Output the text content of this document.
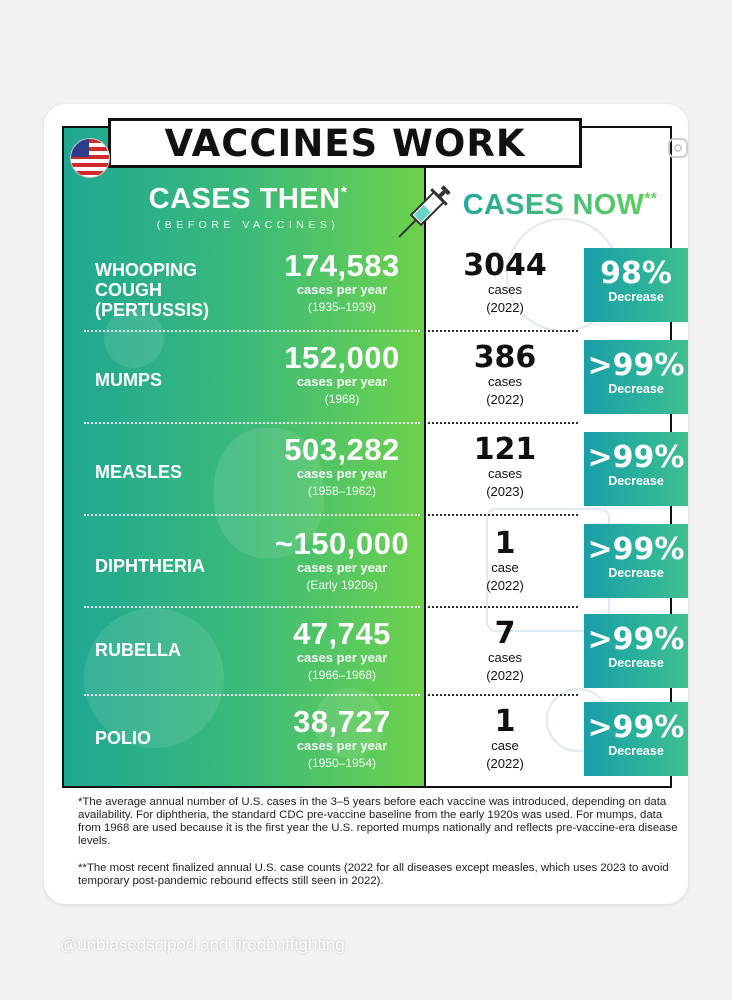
VACCINES WORK
CASES THEN*
(BEFORE VACCINES)
CASES NOW**
WHOOPING
COUGH
(PERTUSSIS)
174,583
cases per year
(1935–1939)
3044
cases
(2022)
98%
Decrease
MUMPS
152,000
cases per year
(1968)
386
cases
(2022)
>99%
Decrease
MEASLES
503,282
cases per year
(1958–1962)
121
cases
(2023)
>99%
Decrease
DIPHTHERIA
~150,000
cases per year
(Early 1920s)
1
case
(2022)
>99%
Decrease
RUBELLA	47,745
cases per year
(1966–1968)
7
cases
(2022)
>99%
Decrease
POLIO	38,727
cases per year
(1950–1954)
1
case
(2022)
>99%
Decrease
*The average annual number of U.S. cases in the 3–5 years before each vaccine was introduced, depending on data availability. For diphtheria, the standard CDC pre-vaccine baseline from the early 1920s was used. For mumps, data from 1968 are used because it is the first year the U.S. reported mumps nationally and reflects pre-vaccine-era disease levels.
**The most recent finalized annual U.S. case counts (2022 for all diseases except measles, which uses 2023 to avoid temporary post-pandemic rebound effects still seen in 2022).
@unbiasedscipod and firedbutfighting
